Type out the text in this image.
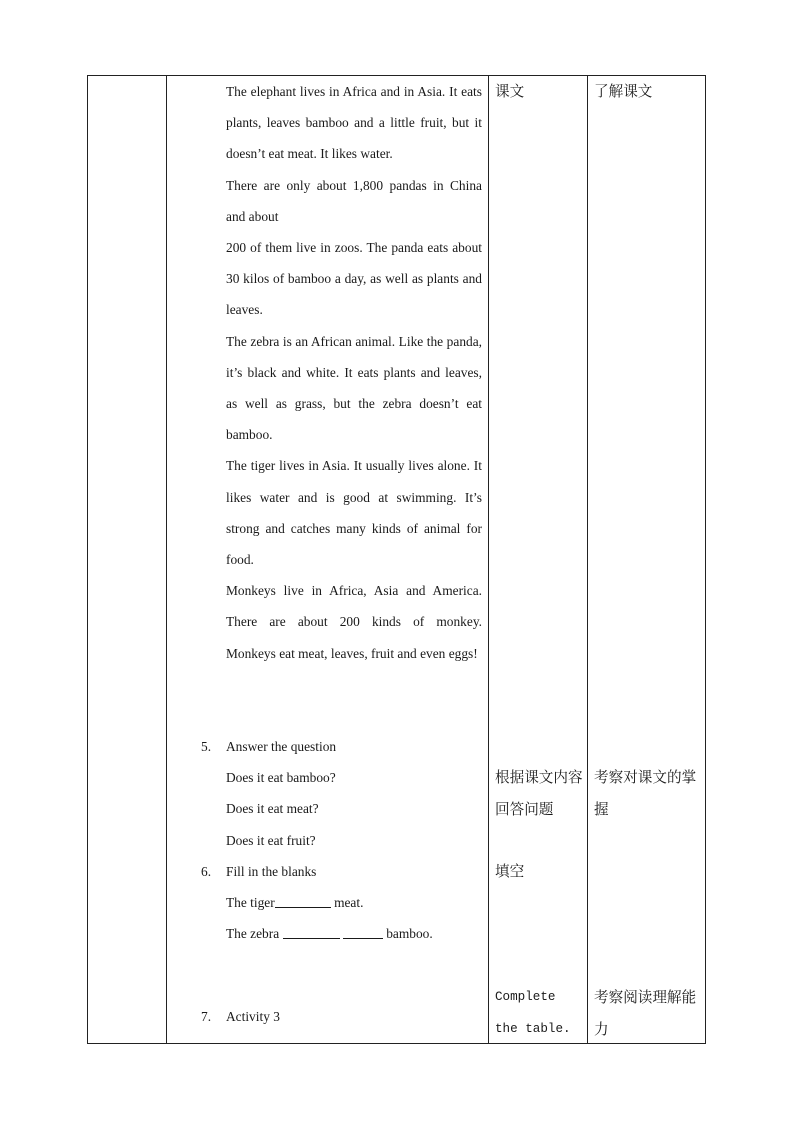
The elephant lives in Africa and in Asia. It eats plants, leaves bamboo and a little fruit, but it doesn’t eat meat. It likes water.

There are only about 1,800 pandas in China and about

200 of them live in zoos. The panda eats about 30 kilos of bamboo a day, as well as plants and leaves.

The zebra is an African animal. Like the panda, it’s black and white. It eats plants and leaves, as well as grass, but the zebra doesn’t eat bamboo.

The tiger lives in Asia. It usually lives alone. It likes water and is good at swimming. It’s strong and catches many kinds of animal for food.

Monkeys live in Africa, Asia and America. There are about 200 kinds of monkey. Monkeys eat meat, leaves, fruit and even eggs!

5. Answer the question
Does it eat bamboo?
Does it eat meat?
Does it eat fruit?
6. Fill in the blanks
The tiger	meat.
The zebra	bamboo.
7. Activity 3
课文
根据课文内容回答问题
填空
Complete the table.
了解课文
考察对课文的掌握
考察阅读理解能力
